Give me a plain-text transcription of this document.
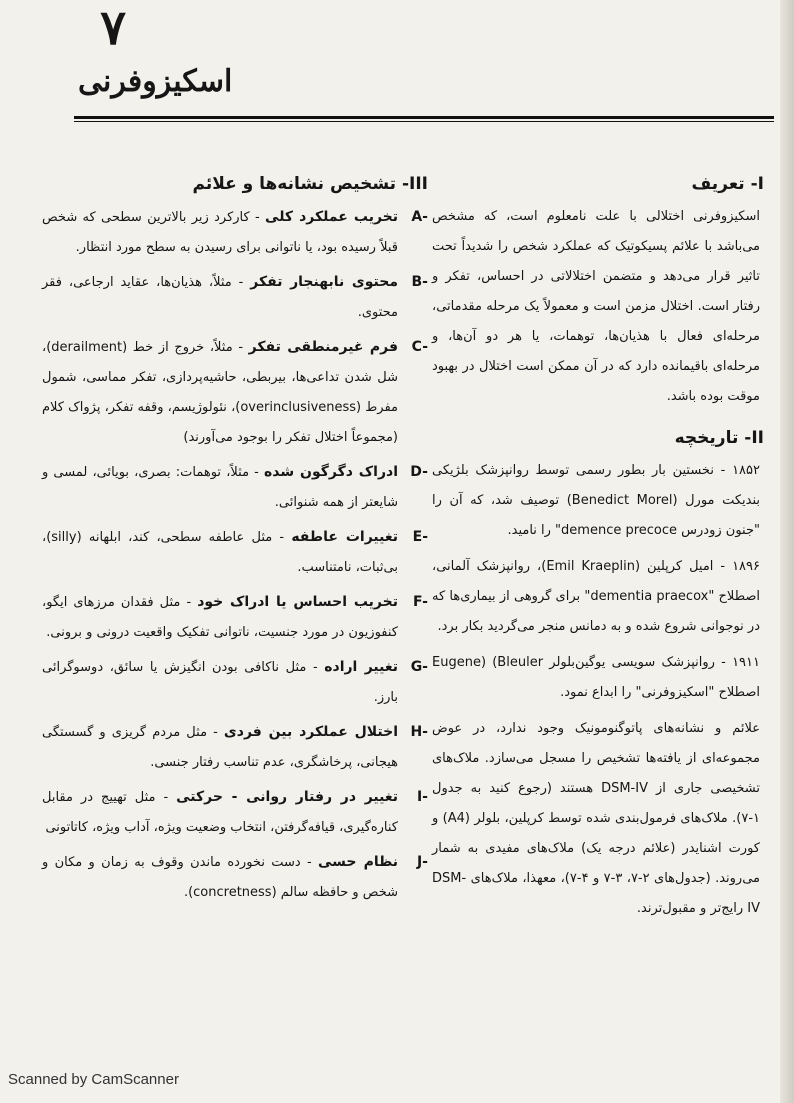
۷
اسکیزوفرنی
I- تعریف
اسکیزوفرنی اختلالی با علت نامعلوم است، که مشخص می‌باشد با علائم پسیکوتیک که عملکرد شخص را شدیداً تحت تاثیر قرار می‌دهد و متضمن اختلالاتی در احساس، تفکر و رفتار است. اختلال مزمن است و معمولاً یک مرحله مقدماتی، مرحله‌ای فعال با هذیان‌ها، توهمات، یا هر دو آن‌ها، و مرحله‌ای باقیمانده دارد که در آن ممکن است اختلال در بهبود موقت بوده باشد.
II- تاریخچه
۱۸۵۲ - نخستین بار بطور رسمی توسط روانپزشک بلژیکی بندیکت مورل (Benedict Morel) توصیف شد، که آن را "جنون زودرس demence precoce" را نامید.
۱۸۹۶ - امیل کرپلین (Emil Kraeplin)، روانپزشک آلمانی، اصطلاح "dementia praecox" برای گروهی از بیماری‌ها که در نوجوانی شروع شده و به دمانس منجر می‌گردید بکار برد.
۱۹۱۱ - روانپزشک سویسی یوگین‌بلولر Eugene) (Bleuler اصطلاح "اسکیزوفرنی" را ابداع نمود.
علائم و نشانه‌های پاتوگنومونیک وجود ندارد، در عوض مجموعه‌ای از یافته‌ها تشخیص را مسجل می‌سازد. ملاک‌های تشخیصی جاری از DSM-IV هستند (رجوع کنید به جدول ۱-۷). ملاک‌های فرمول‌بندی شده توسط کرپلین، بلولر (A4) و کورت اشنایدر (علائم درجه یک) ملاک‌های مفیدی به شمار می‌روند. (جدول‌های ۲-۷، ۳-۷ و ۴-۷)، معهذا، ملاک‌های DSM-IV رایج‌تر و مقبول‌ترند.
III- تشخیص نشانه‌ها و علائم
A-
تخریب عملکرد کلی - کارکرد زیر بالاترین سطحی که شخص قبلاً رسیده بود، یا ناتوانی برای رسیدن به سطح مورد انتظار.
B-
محتوی نابهنجار تفکر - مثلاً، هذیان‌ها، عقاید ارجاعی، فقر محتوی.
C-
فرم غیرمنطقی تفکر - مثلاً، خروج از خط (derailment)، شل شدن تداعی‌ها، بیربطی، حاشیه‌پردازی، تفکر مماسی، شمول مفرط (overinclusiveness)، نئولوژیسم، وقفه تفکر، پژواک کلام (مجموعاً اختلال تفکر را بوجود می‌آورند)
D-
ادراک دگرگون شده - مثلاً، توهمات: بصری، بویائی، لمسی و شایعتر از همه شنوائی.
E-
تغییرات عاطفه - مثل عاطفه سطحی، کند، ابلهانه (silly)، بی‌ثبات، نامتناسب.
F-
تخریب احساس یا ادراک خود - مثل فقدان مرزهای ایگو، کنفوزیون در مورد جنسیت، ناتوانی تفکیک واقعیت درونی و برونی.
G-
تغییر اراده - مثل ناکافی بودن انگیزش یا سائق، دوسوگرائی بارز.
H-
اختلال عملکرد بین فردی - مثل مردم گریزی و گسستگی هیجانی، پرخاشگری، عدم تناسب رفتار جنسی.
I-
تغییر در رفتار روانی - حرکتی - مثل تهییج در مقابل کناره‌گیری، قیافه‌گرفتن، انتخاب وضعیت ویژه، آداب ویژه، کاتاتونی
J-
نظام حسی - دست نخورده ماندن وقوف به زمان و مکان و شخص و حافظه سالم (concretness).
Scanned by CamScanner
